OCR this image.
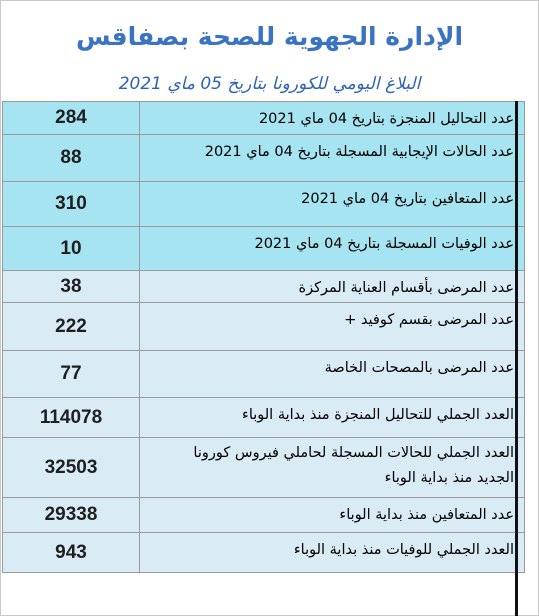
الإدارة الجهوية للصحة بصفاقس
البلاغ اليومي للكورونا بتاريخ 05 ماي 2021
284	عدد التحاليل المنجزة بتاريخ 04 ماي 2021
88	عدد الحالات الإيجابية المسجلة بتاريخ 04 ماي 2021
310	عدد المتعافين بتاريخ 04 ماي 2021
10	عدد الوفيات المسجلة بتاريخ 04 ماي 2021
38	عدد المرضى بأقسام العناية المركزة
222	عدد المرضى بقسم كوفيد +
77	عدد المرضى بالمصحات الخاصة
114078	العدد الجملي للتحاليل المنجزة منذ بداية الوباء
32503	العدد الجملي للحالات المسجلة لحاملي فيروس كورونا الجديد منذ بداية الوباء
29338	عدد المتعافين منذ بداية الوباء
943	العدد الجملي للوفيات منذ بداية الوباء
